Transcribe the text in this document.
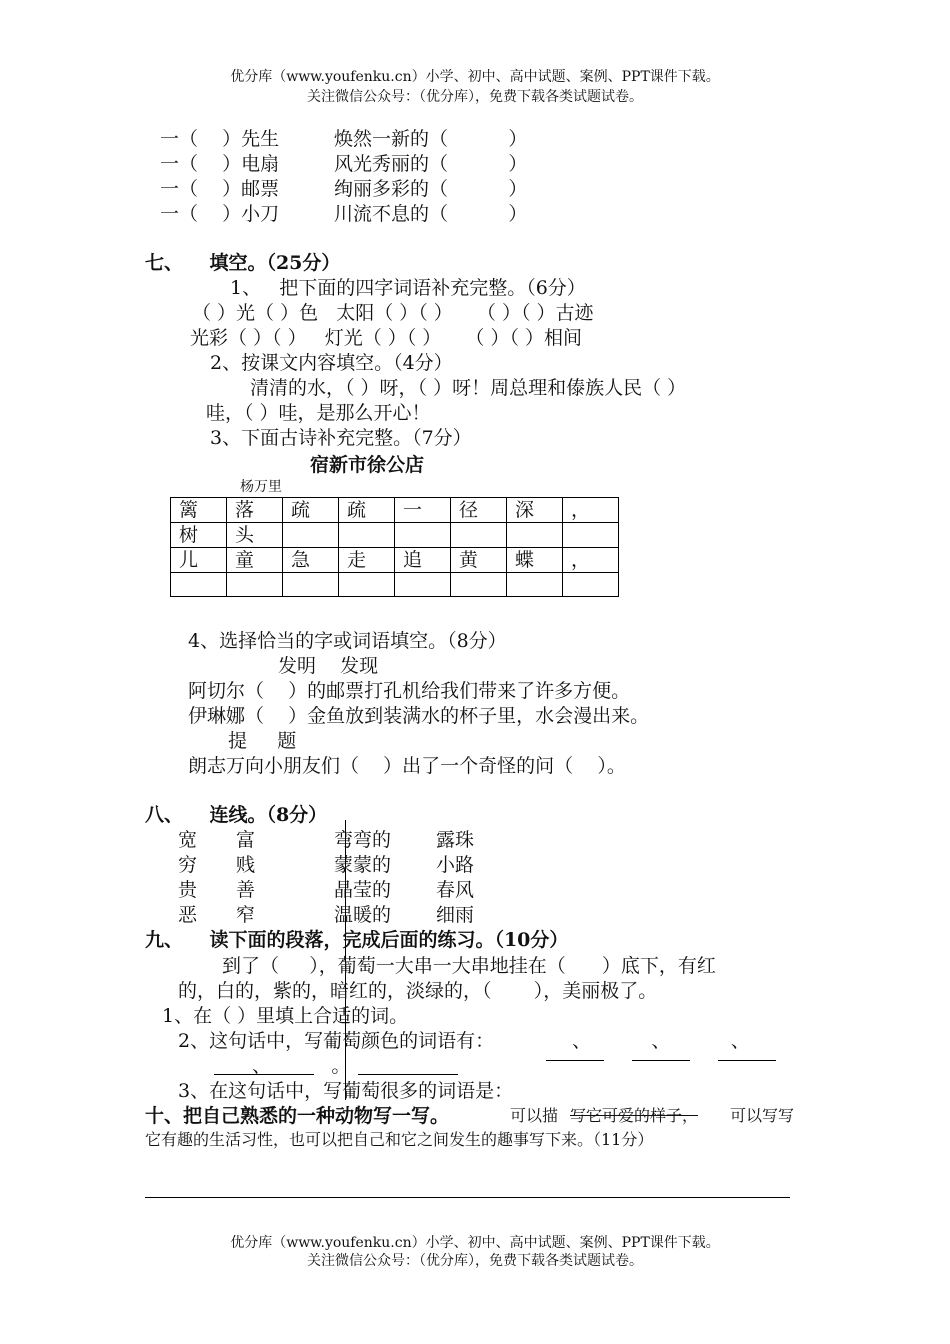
优分库（www.youfenku.cn）小学、初中、高中试题、案例、PPT课件下载。
关注微信公众号：（优分库），免费下载各类试题试卷。
一（    ）先生	焕然一新的（          ）
一（    ）电扇	风光秀丽的（          ）
一（    ）邮票	绚丽多彩的（          ）
一（    ）小刀	川流不息的（          ）
七、    填空。（25分）
1、   把下面的四字词语补充完整。（6分）
（ ）光（ ）色   太阳（ ）（ ）    （ ）（ ）古迹
光彩（ ）（ ）   灯光（ ）（ ）    （ ）（ ）相间
2、按课文内容填空。（4分）
清清的水，（ ）呀，（ ）呀！周总理和傣族人民（ ）
哇，（ ）哇，是那么开心！
3、下面古诗补充完整。（7分）
宿新市徐公店
杨万里
篱	落	疏	疏	一	径	深	，
树	头						
儿	童	急	走	追	黄	蝶	，

4、选择恰当的字或词语填空。（8分）
发明    发现
阿切尔（    ）的邮票打孔机给我们带来了许多方便。
伊琳娜（    ）金鱼放到装满水的杯子里，水会漫出来。
提     题
朗志万向小朋友们（    ）出了一个奇怪的问（    ）。
八、    连线。（8分）
宽 富	弯弯的 露珠
穷 贱	蒙蒙的 小路
贵 善	晶莹的 春风
恶 窄	温暖的 细雨
九、    读下面的段落，完成后面的练习。（10分）
到了（     ），葡萄一大串一大串地挂在（      ）底下，有红
的，白的，紫的，暗红的，淡绿的，（       ），美丽极了。
1、在（ ）里填上合适的词。
2、这句话中，写葡萄颜色的词语有：	、          、          、
、          。
3、在这句话中，写葡萄很多的词语是：
十、把自己熟悉的一种动物写一写。	可以描 写它可爱的样子， 可以写写
它有趣的生活习性，也可以把自己和它之间发生的趣事写下来。（11分）
优分库（www.youfenku.cn）小学、初中、高中试题、案例、PPT课件下载。
关注微信公众号：（优分库），免费下载各类试题试卷。
